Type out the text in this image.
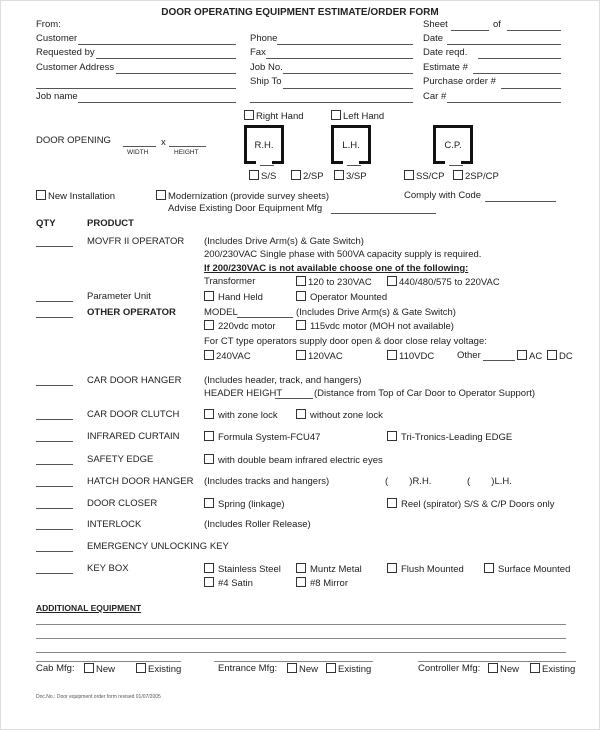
DOOR OPERATING EQUIPMENT ESTIMATE/ORDER FORM
From:
Customer
Requested by
Customer Address
Job name
Phone
Fax
Job No.
Ship To
Sheet	of
Date
Date reqd.
Estimate #
Purchase order #
Car #
Right Hand	Left Hand
DOOR OPENING
WIDTH
x
HEIGHT
R.H.	L.H.	C.P.
S/S	2/SP	3/SP	SS/CP	2SP/CP
New Installation	Modernization (provide survey sheets)
Advise Existing Door Equipment Mfg
Comply with Code
QTY	PRODUCT
MOVFR II OPERATOR (Includes Drive Arm(s) & Gate Switch)
200/230VAC Single phase with 500VA capacity supply is required.
If 200/230VAC is not available choose one of the following:
Transformer	120 to 230VAC	440/480/575 to 220VAC
Parameter Unit	Hand Held	Operator Mounted
OTHER OPERATOR	MODEL	(Includes Drive Arm(s) & Gate Switch)
220vdc motor	115vdc motor (MOH not available)
For CT type operators supply door open & door close relay voltage:
240VAC	120VAC	110VDC Other	AC	DC
CAR DOOR HANGER (Includes header, track, and hangers)
HEADER HEIGHT	(Distance from Top of Car Door to Operator Support)
CAR DOOR CLUTCH	with zone lock	without zone lock
INFRARED CURTAIN	Formula System-FCU47	Tri-Tronics-Leading EDGE
SAFETY EDGE	with double beam infrared electric eyes
HATCH DOOR HANGER (Includes tracks and hangers)	(        )R.H.	(        )L.H.
DOOR CLOSER	Spring (linkage)	Reel (spirator) S/S & C/P Doors only
INTERLOCK	(Includes Roller Release)
EMERGENCY UNLOCKING KEY
KEY BOX	Stainless Steel	Muntz Metal	Flush Mounted	Surface Mounted
#4 Satin	#8 Mirror
ADDITIONAL EQUIPMENT
Cab Mfg:	New	Existing	Entrance Mfg:	New	Existing	Controller Mfg:	New	Existing
Doc.No.: Door equipment order form revised 01/07/2005
